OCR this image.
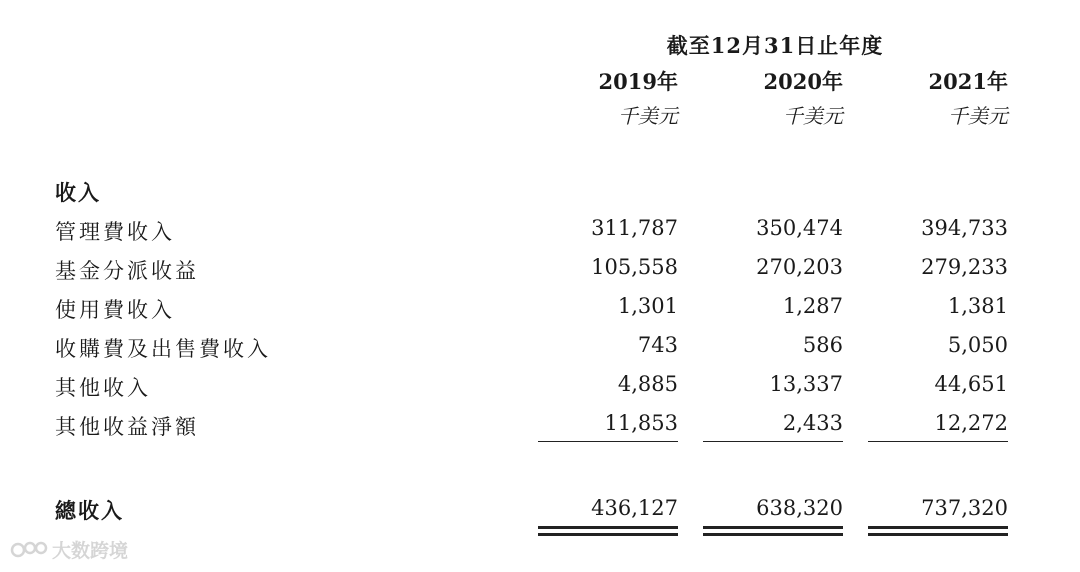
截至12月31日止年度
2019年	2020年	2021年
千美元	千美元	千美元
收入
管理費收入	311,787	350,474	394,733
基金分派收益	105,558	270,203	279,233
使用費收入	1,301	1,287	1,381
收購費及出售費收入	743	586	5,050
其他收入	4,885	13,337	44,651
其他收益淨額	11,853	2,433	12,272
總收入	436,127	638,320	737,320
大数跨境
